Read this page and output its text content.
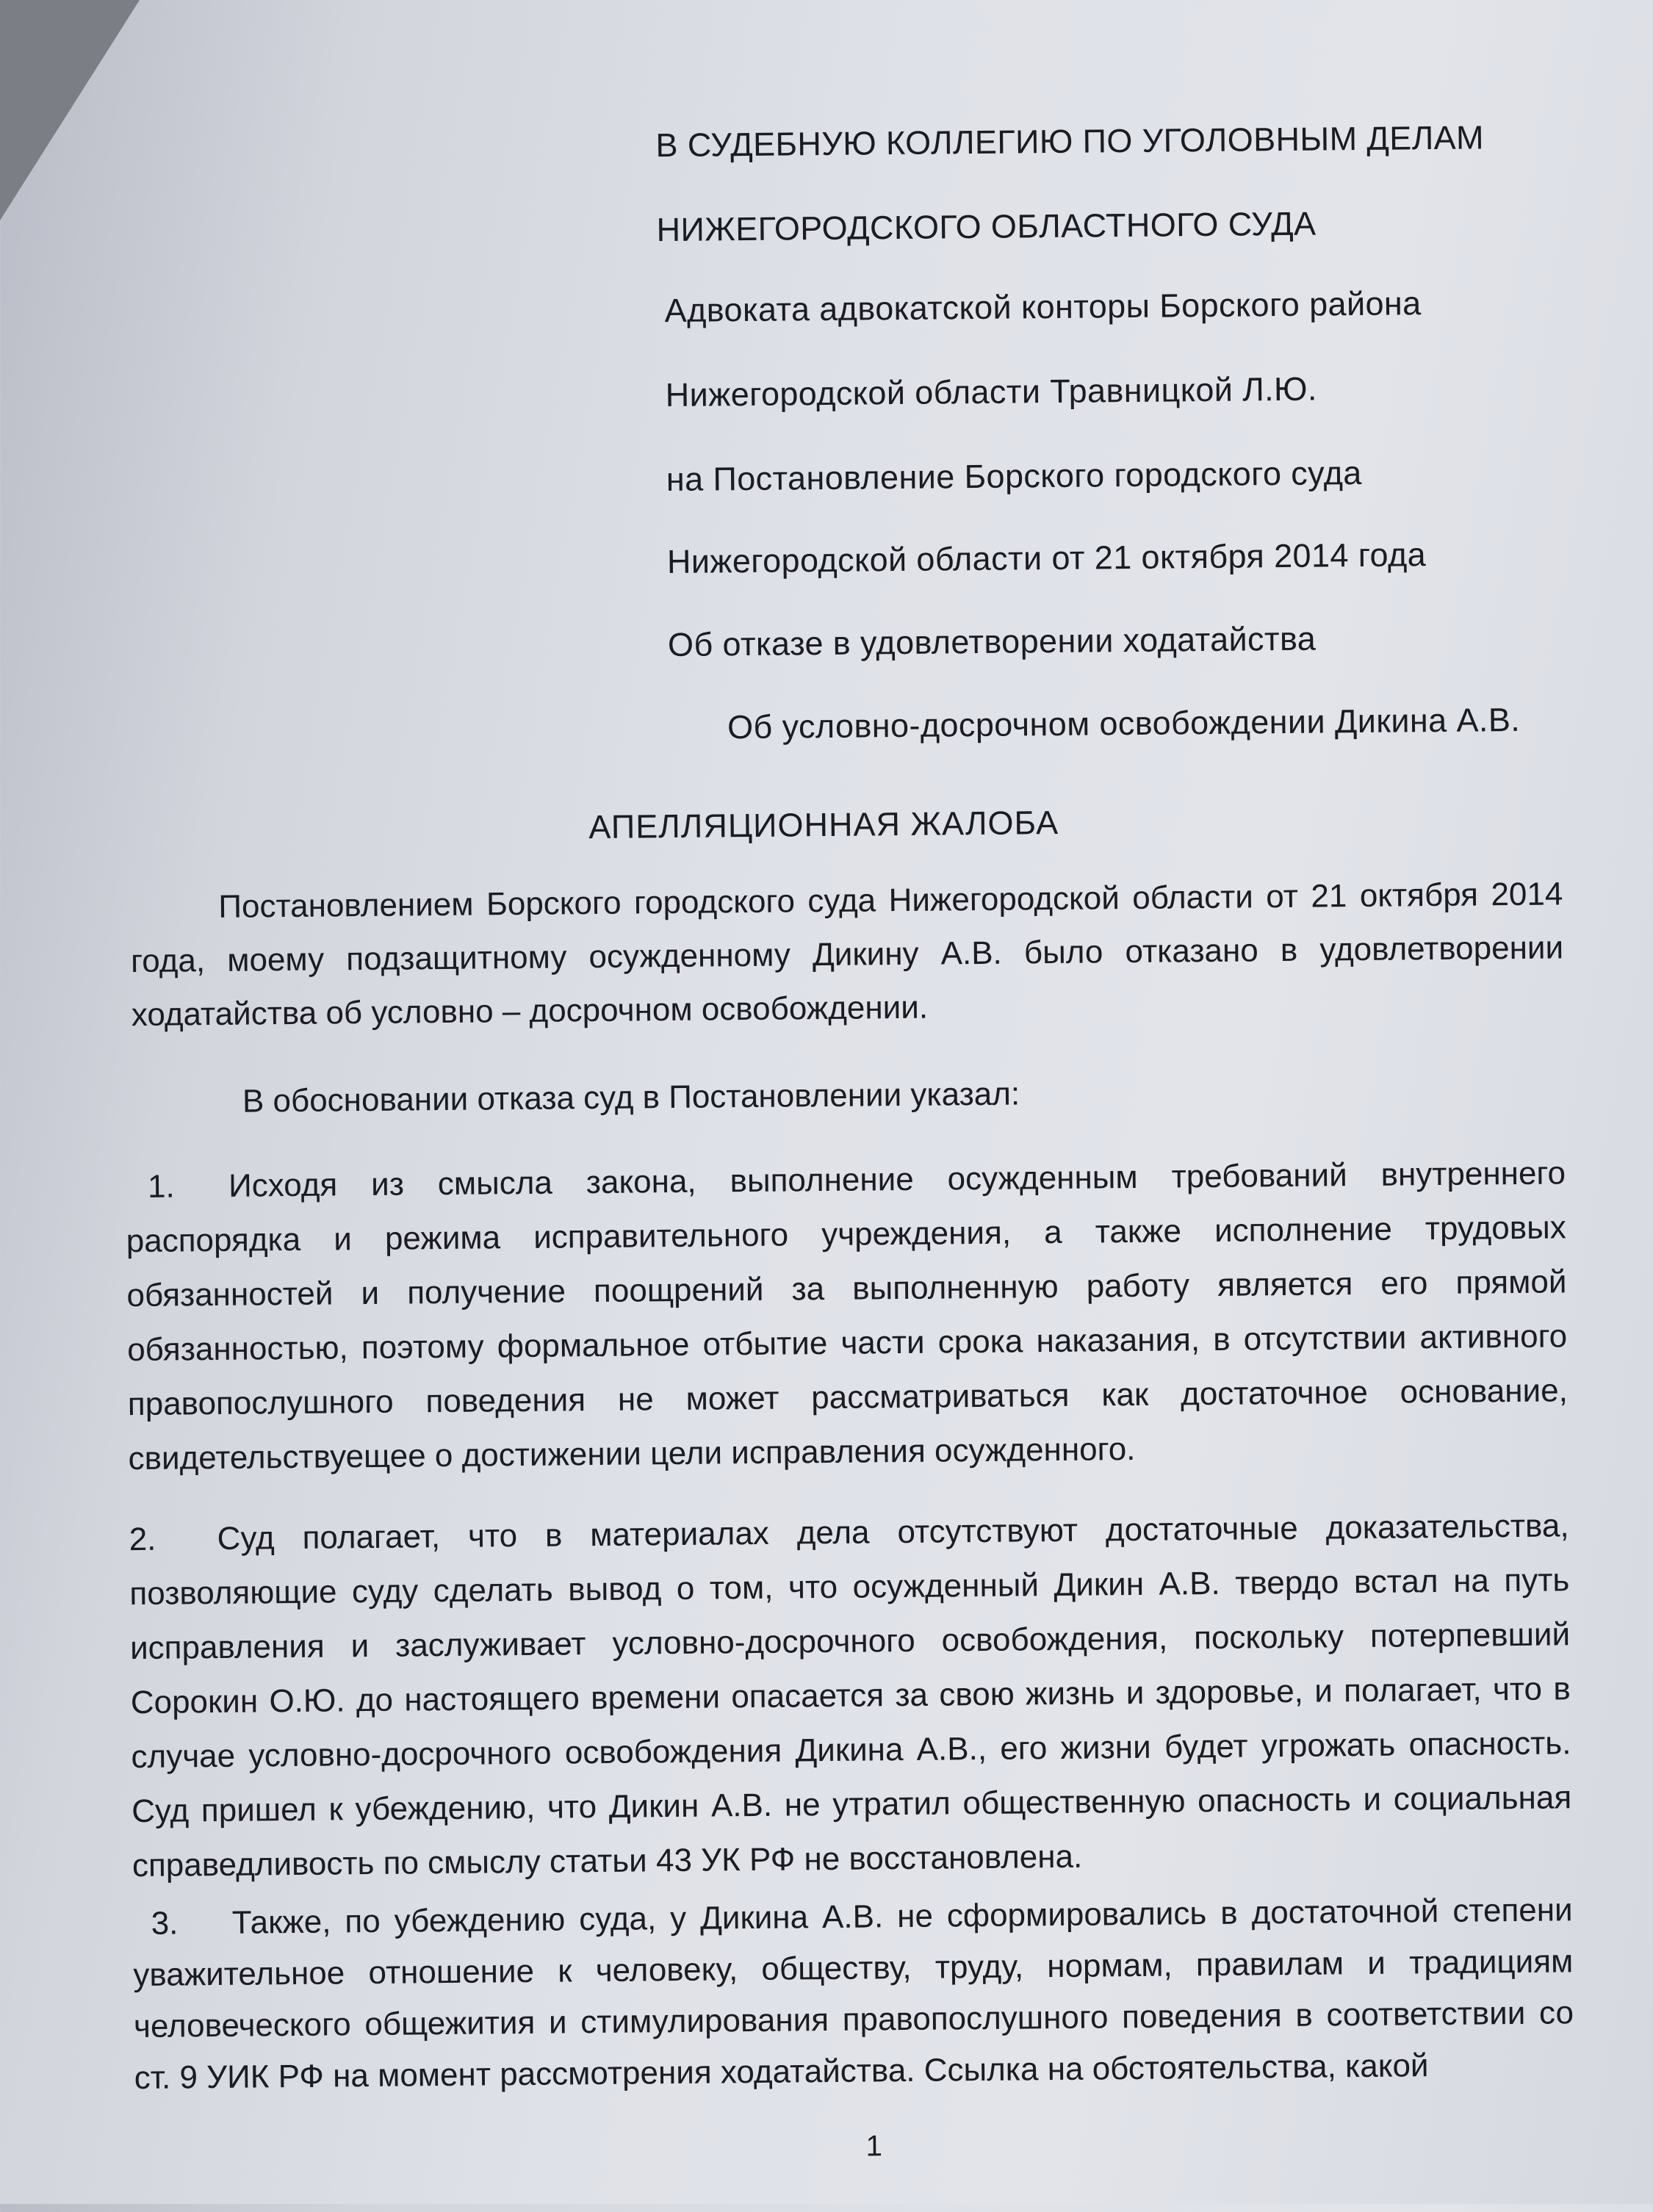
В СУДЕБНУЮ КОЛЛЕГИЮ ПО УГОЛОВНЫМ ДЕЛАМ
НИЖЕГОРОДСКОГО ОБЛАСТНОГО СУДА
Адвоката адвокатской конторы Борского района
Нижегородской области Травницкой Л.Ю.
на Постановление Борского городского суда
Нижегородской области от 21 октября 2014 года
Об отказе в удовлетворении ходатайства
Об условно-досрочном освобождении Дикина А.В.
АПЕЛЛЯЦИОННАЯ ЖАЛОБА
Постановлением Борского городского суда Нижегородской области от 21 октября 2014 года, моему подзащитному осужденному Дикину А.В. было отказано в удовлетворении ходатайства об условно – досрочном освобождении.
В обосновании отказа суд в Постановлении указал:
1. Исходя из смысла закона, выполнение осужденным требований внутреннего распорядка и режима исправительного учреждения, а также исполнение трудовых обязанностей и получение поощрений за выполненную работу является его прямой обязанностью, поэтому формальное отбытие части срока наказания, в отсутствии активного правопослушного поведения не может рассматриваться как достаточное основание, свидетельствуещее о достижении цели исправления осужденного.
2. Суд полагает, что в материалах дела отсутствуют достаточные доказательства, позволяющие суду сделать вывод о том, что осужденный Дикин А.В. твердо встал на путь исправления и заслуживает условно-досрочного освобождения, поскольку потерпевший Сорокин О.Ю. до настоящего времени опасается за свою жизнь и здоровье, и полагает, что в случае условно-досрочного освобождения Дикина А.В., его жизни будет угрожать опасность. Суд пришел к убеждению, что Дикин А.В. не утратил общественную опасность и социальная справедливость по смыслу статьи 43 УК РФ не восстановлена.
3. Также, по убеждению суда, у Дикина А.В. не сформировались в достаточной степени уважительное отношение к человеку, обществу, труду, нормам, правилам и традициям человеческого общежития и стимулирования правопослушного поведения в соответствии со ст. 9 УИК РФ на момент рассмотрения ходатайства. Ссылка на обстоятельства, какой
1
